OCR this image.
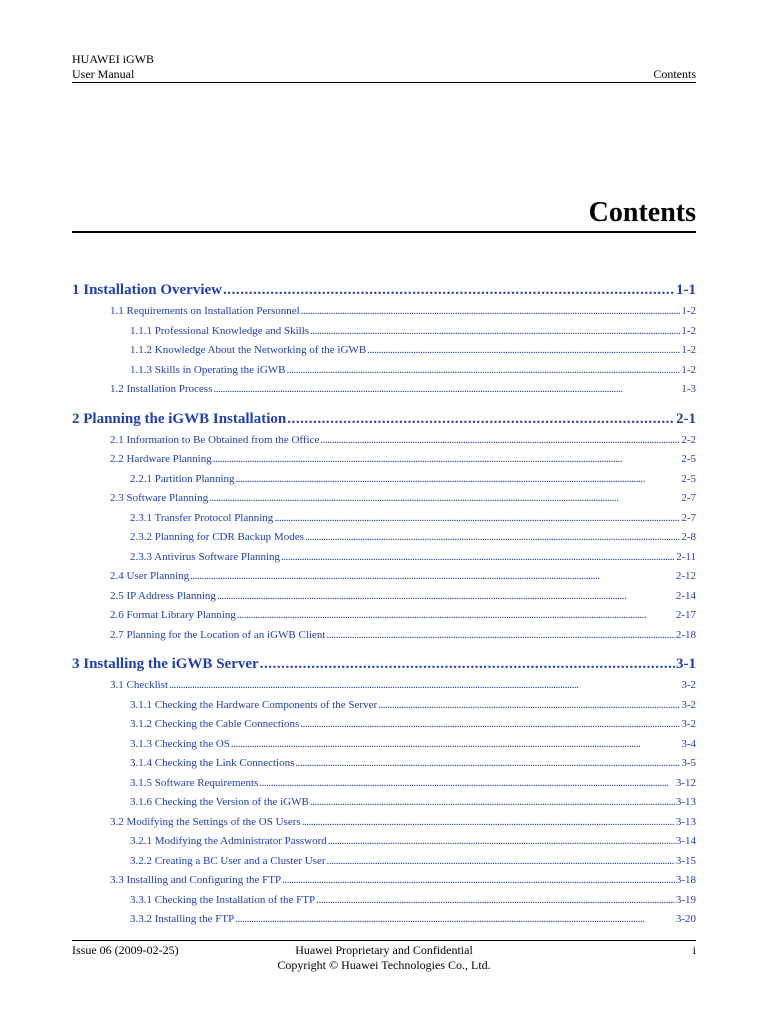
HUAWEI iGWB
User Manual	Contents
Contents
1 Installation Overview . . .	1-1
1.1 Requirements on Installation Personnel . . .	1-2
1.1.1 Professional Knowledge and Skills . . .	1-2
1.1.2 Knowledge About the Networking of the iGWB . . .	1-2
1.1.3 Skills in Operating the iGWB . . .	1-2
1.2 Installation Process . . .	1-3
2 Planning the iGWB Installation . . .	2-1
2.1 Information to Be Obtained from the Office . . .	2-2
2.2 Hardware Planning . . .	2-5
2.2.1 Partition Planning . . .	2-5
2.3 Software Planning . . .	2-7
2.3.1 Transfer Protocol Planning . . .	2-7
2.3.2 Planning for CDR Backup Modes . . .	2-8
2.3.3 Antivirus Software Planning . . .	2-11
2.4 User Planning . . .	2-12
2.5 IP Address Planning . . .	2-14
2.6 Format Library Planning . . .	2-17
2.7 Planning for the Location of an iGWB Client . . .	2-18
3 Installing the iGWB Server . . .	3-1
3.1 Checklist . . .	3-2
3.1.1 Checking the Hardware Components of the Server . . .	3-2
3.1.2 Checking the Cable Connections . . .	3-2
3.1.3 Checking the OS . . .	3-4
3.1.4 Checking the Link Connections . . .	3-5
3.1.5 Software Requirements . . .	3-12
3.1.6 Checking the Version of the iGWB . . .	3-13
3.2 Modifying the Settings of the OS Users . . .	3-13
3.2.1 Modifying the Administrator Password . . .	3-14
3.2.2 Creating a BC User and a Cluster User . . .	3-15
3.3 Installing and Configuring the FTP . . .	3-18
3.3.1 Checking the Installation of the FTP . . .	3-19
3.3.2 Installing the FTP . . .	3-20
Issue 06 (2009-02-25)	Huawei Proprietary and Confidential
Copyright © Huawei Technologies Co., Ltd.
i
